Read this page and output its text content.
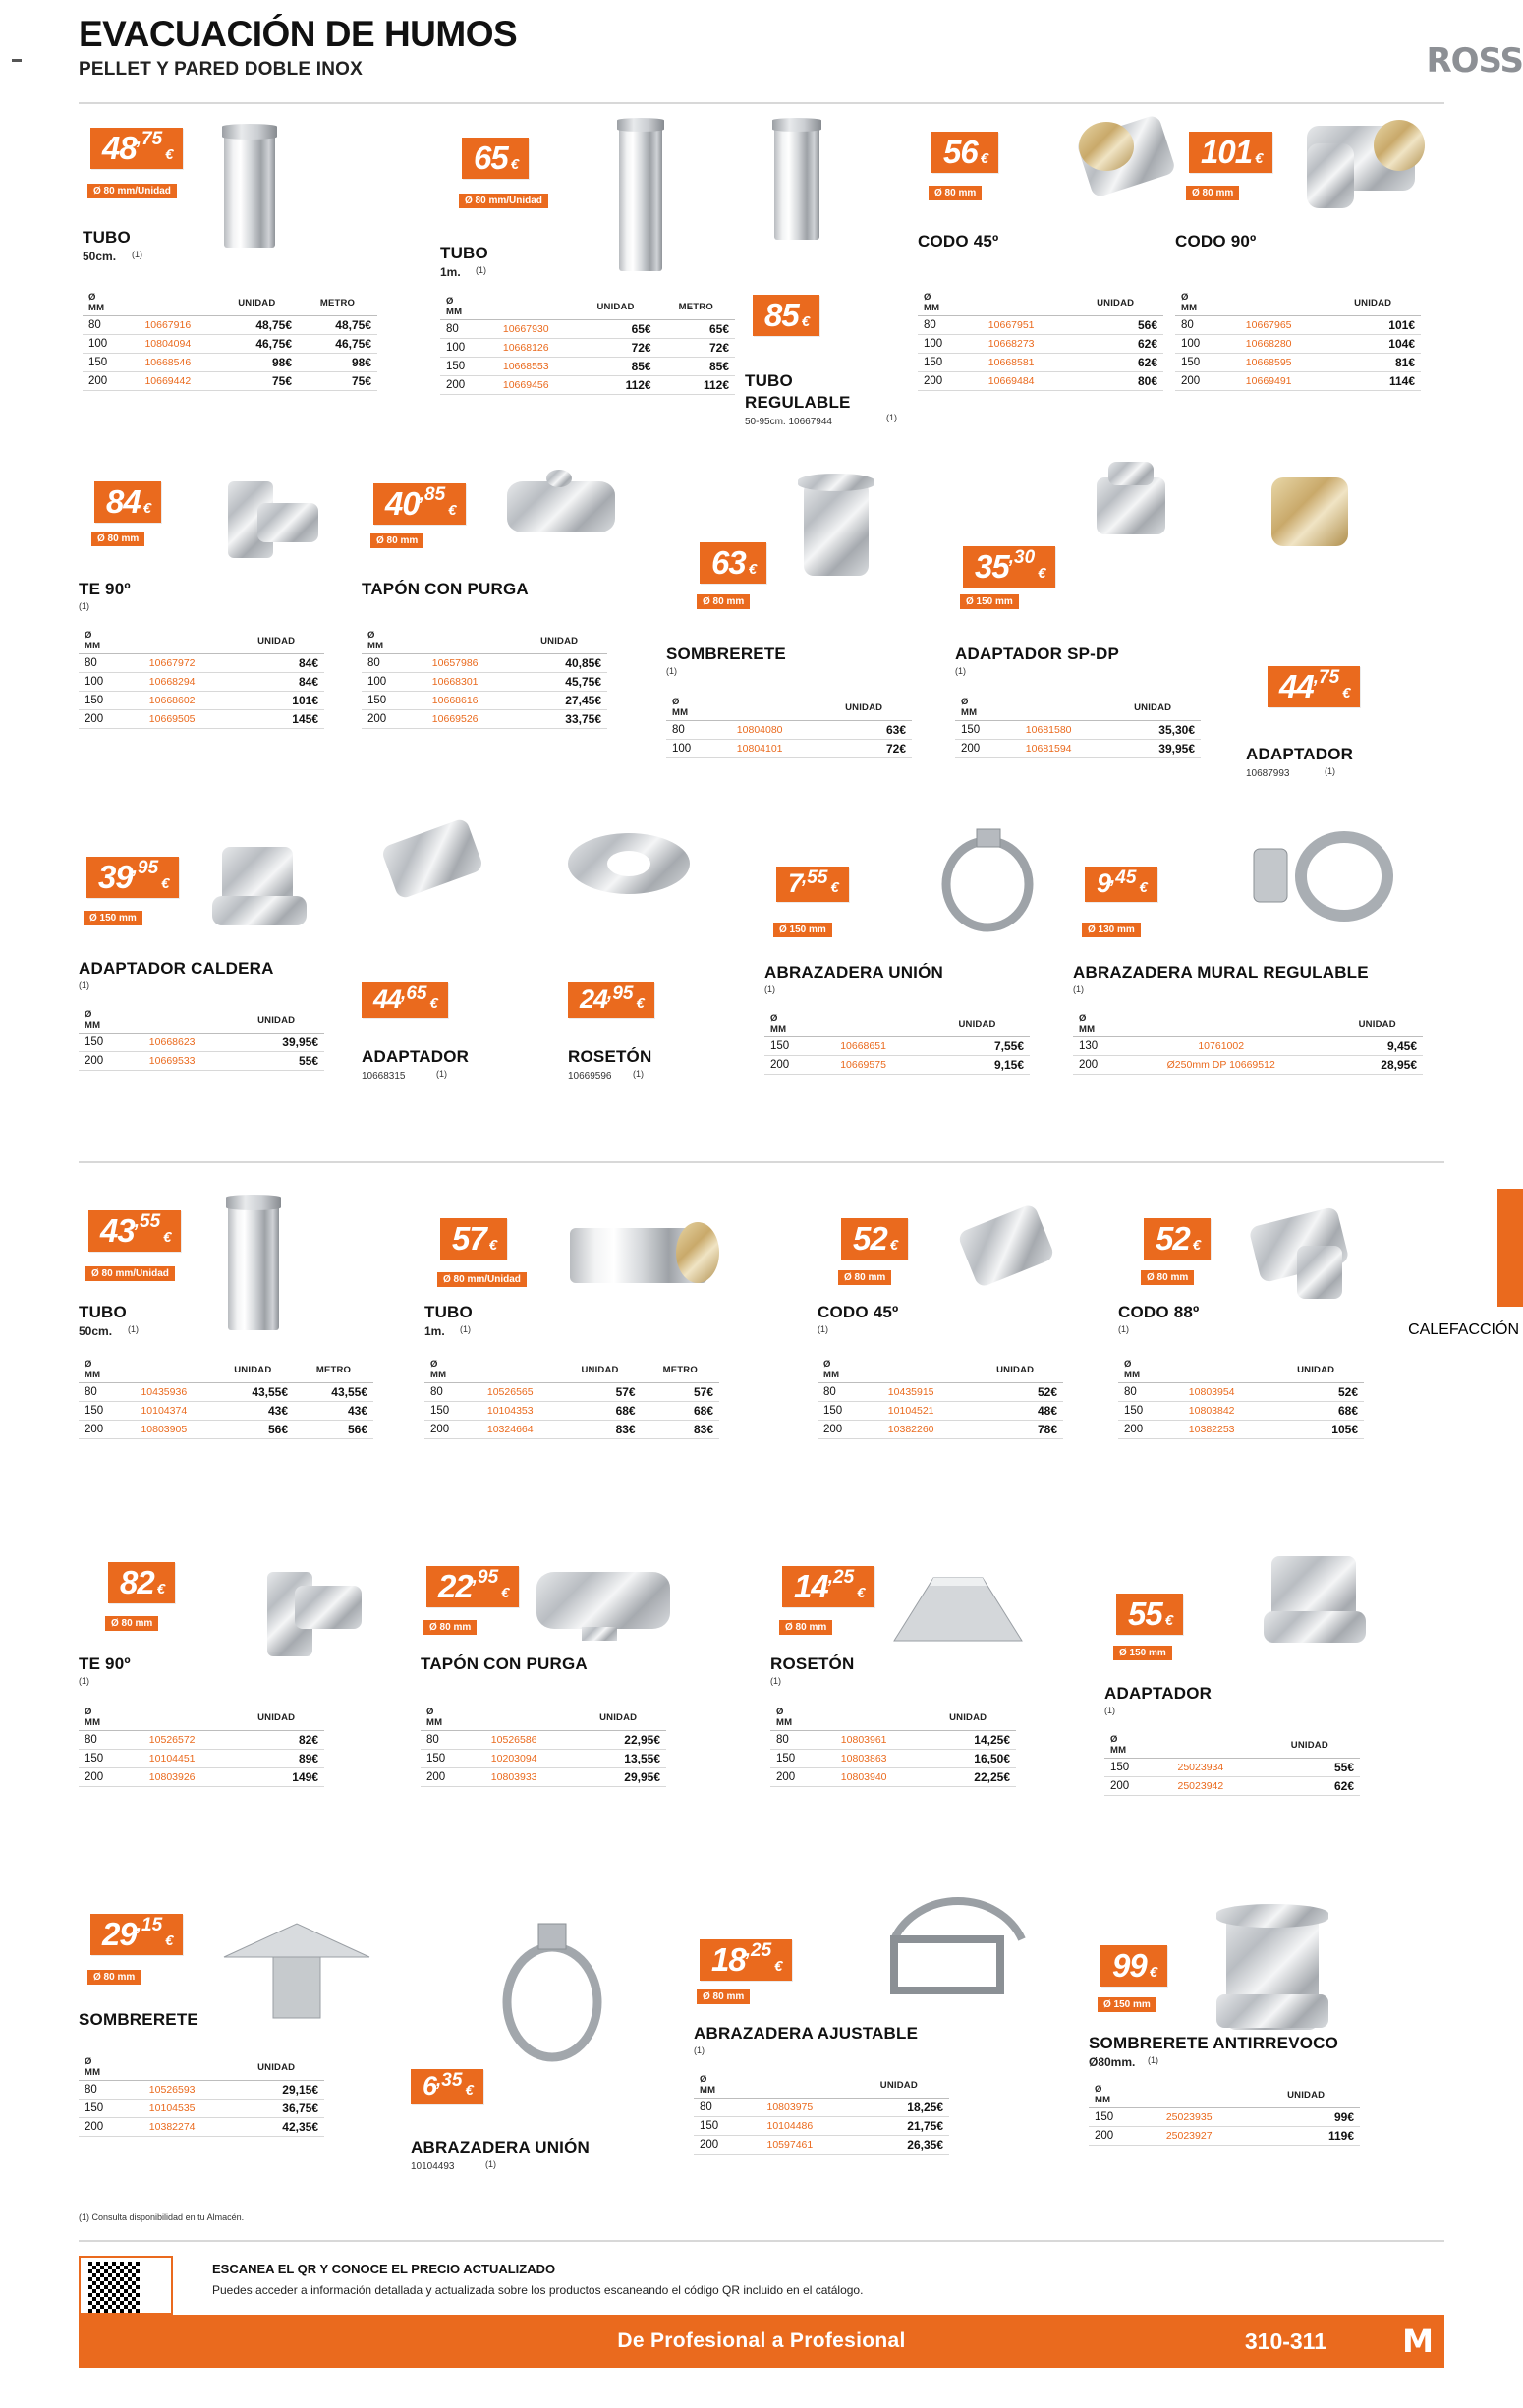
EVACUACIÓN DE HUMOS
PELLET Y PARED DOBLE INOX	ROSS
CALEFACCIÓN
48,75€
Ø 80 mm/Unidad
TUBO
50cm. (1)
Ø MM		UNIDAD	METRO
80	10667916	48,75€	48,75€
100	10804094	46,75€	46,75€
150	10668546	98€	98€
200	10669442	75€	75€
65 €
Ø 80 mm/Unidad
TUBO
1m. (1)
Ø MM		UNIDAD	METRO
80	10667930	65€	65€
100	10668126	72€	72€
150	10668553	85€	85€
200	10669456	112€	112€
85 €
TUBO
REGULABLE
50-95cm. 10667944	(1)
56 €
Ø 80 mm
CODO 45º
Ø MM		UNIDAD
80	10667951	56€
100	10668273	62€
150	10668581	62€
200	10669484	80€
101 €
Ø 80 mm
CODO 90º
Ø MM		UNIDAD
80	10667965	101€
100	10668280	104€
150	10668595	81€
200	10669491	114€
84 €
Ø 80 mm
TE 90º
(1)
Ø MM		UNIDAD
80	10667972	84€
100	10668294	84€
150	10668602	101€
200	10669505	145€
40,85€
Ø 80 mm
TAPÓN CON PURGA
Ø MM		UNIDAD
80	10657986	40,85€
100	10668301	45,75€
150	10668616	27,45€
200	10669526	33,75€
63 €
Ø 80 mm
SOMBRERETE
(1)
Ø MM		UNIDAD
80	10804080	63€
100	10804101	72€
35,30€
Ø 150 mm
ADAPTADOR SP-DP
(1)
Ø MM		UNIDAD
150	10681580	35,30€
200	10681594	39,95€
44,75€
ADAPTADOR
10687993	(1)
39,95€
Ø 150 mm
ADAPTADOR CALDERA
(1)
Ø MM		UNIDAD
150	10668623	39,95€
200	10669533	55€
44,65 €
ADAPTADOR
10668315	(1)
24,95 €
ROSETÓN
10669596 (1)
7,55 €
Ø 150 mm
ABRAZADERA UNIÓN
(1)
Ø MM		UNIDAD
150	10668651	7,55€
200	10669575	9,15€
9,45 €
Ø 130 mm
ABRAZADERA MURAL REGULABLE
(1)
Ø MM		UNIDAD
130	10761002	9,45€
200	Ø250mm DP 10669512	28,95€
43,55€
Ø 80 mm/Unidad
TUBO
50cm. (1)
Ø MM		UNIDAD	METRO
80	10435936	43,55€	43,55€
150	10104374	43€	43€
200	10803905	56€	56€
57 €
Ø 80 mm/Unidad
TUBO
1m. (1)
Ø MM		UNIDAD	METRO
80	10526565	57€	57€
150	10104353	68€	68€
200	10324664	83€	83€
52 €
Ø 80 mm
CODO 45º
(1)
Ø MM		UNIDAD
80	10435915	52€
150	10104521	48€
200	10382260	78€
52 €
Ø 80 mm
CODO 88º
(1)
Ø MM		UNIDAD
80	10803954	52€
150	10803842	68€
200	10382253	105€
82 €
Ø 80 mm
TE 90º
(1)
Ø MM		UNIDAD
80	10526572	82€
150	10104451	89€
200	10803926	149€
22,95€
Ø 80 mm
TAPÓN CON PURGA
Ø MM		UNIDAD
80	10526586	22,95€
150	10203094	13,55€
200	10803933	29,95€
14,25€
Ø 80 mm
ROSETÓN
(1)
Ø MM		UNIDAD
80	10803961	14,25€
150	10803863	16,50€
200	10803940	22,25€
55 €
Ø 150 mm
ADAPTADOR
(1)
Ø MM		UNIDAD
150	25023934	55€
200	25023942	62€
29,15€
Ø 80 mm
SOMBRERETE
Ø MM		UNIDAD
80	10526593	29,15€
150	10104535	36,75€
200	10382274	42,35€
6,35 €
ABRAZADERA UNIÓN
10104493	(1)
18,25€
Ø 80 mm
ABRAZADERA AJUSTABLE
(1)
Ø MM		UNIDAD
80	10803975	18,25€
150	10104486	21,75€
200	10597461	26,35€
99 €
Ø 150 mm
SOMBRERETE ANTIRREVOCO
Ø80mm. (1)
Ø MM		UNIDAD
150	25023935	99€
200	25023927	119€
(1) Consulta disponibilidad en tu Almacén.
ESCANEA EL QR Y CONOCE EL PRECIO ACTUALIZADO
Puedes acceder a información detallada y actualizada sobre los productos escaneando el código QR incluido en el catálogo.
De Profesional a Profesional	310-311	M
